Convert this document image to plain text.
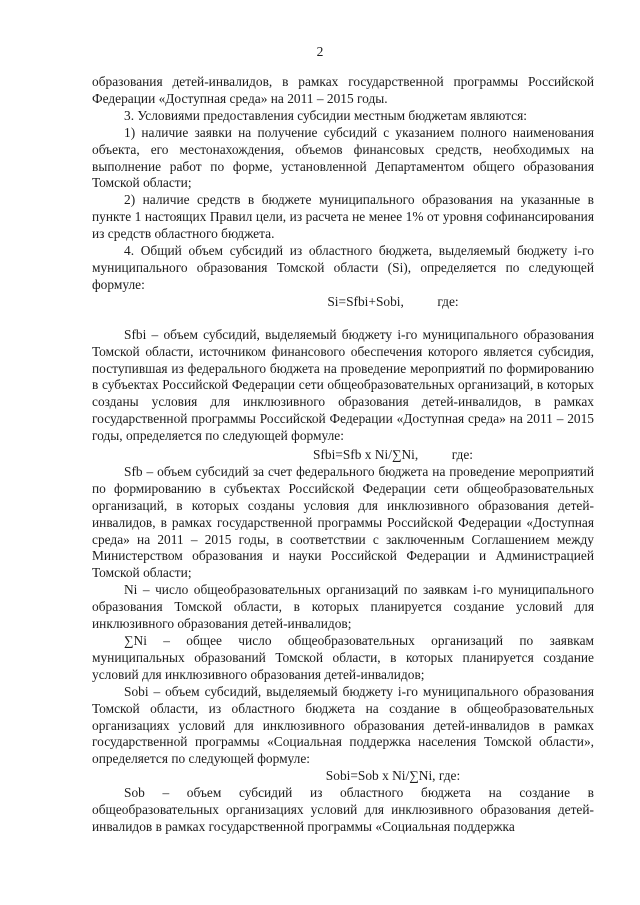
2

образования детей-инвалидов, в рамках государственной программы Российской Федерации «Доступная среда» на 2011 – 2015 годы.

3. Условиями предоставления субсидии местным бюджетам являются:

1) наличие заявки на получение субсидий с указанием полного наименования объекта, его местонахождения, объемов финансовых средств, необходимых на выполнение работ по форме, установленной Департаментом общего образования Томской области;

2) наличие средств в бюджете муниципального образования на указанные в пункте 1 настоящих Правил цели, из расчета не менее 1% от уровня софинансирования из средств областного бюджета.

4. Общий объем субсидий из областного бюджета, выделяемый бюджету i-го муниципального образования Томской области (Si), определяется по следующей формуле:

Si=Sfbi+Sobi,          где:

Sfbi – объем субсидий, выделяемый бюджету i-го муниципального образования Томской области, источником финансового обеспечения которого является субсидия, поступившая из федерального бюджета на проведение мероприятий по формированию в субъектах Российской Федерации сети общеобразовательных организаций, в которых созданы условия для инклюзивного образования детей-инвалидов, в рамках государственной программы Российской Федерации «Доступная среда» на 2011 – 2015 годы, определяется по следующей формуле:

Sfbi=Sfb x Ni/∑Ni,          где:

Sfb – объем субсидий за счет федерального бюджета на проведение мероприятий по формированию в субъектах Российской Федерации сети общеобразовательных организаций, в которых созданы условия для инклюзивного образования детей-инвалидов, в рамках государственной программы Российской Федерации «Доступная среда» на 2011 – 2015 годы, в соответствии с заключенным Соглашением между Министерством образования и науки Российской Федерации и Администрацией Томской области;

Ni – число общеобразовательных организаций по заявкам i-го муниципального образования Томской области, в которых планируется создание условий для инклюзивного образования детей-инвалидов;

∑Ni – общее число общеобразовательных организаций по заявкам муниципальных образований Томской области, в которых планируется создание условий для инклюзивного образования детей-инвалидов;

Sobi – объем субсидий, выделяемый бюджету i-го муниципального образования Томской области, из областного бюджета на создание в общеобразовательных организациях условий для инклюзивного образования детей-инвалидов в рамках государственной программы «Социальная поддержка населения Томской области», определяется по следующей формуле:

Sobi=Sob x Ni/∑Ni, где:

Sob – объем субсидий из областного бюджета на создание в общеобразовательных организациях условий для инклюзивного образования детей-инвалидов в рамках государственной программы «Социальная поддержка
